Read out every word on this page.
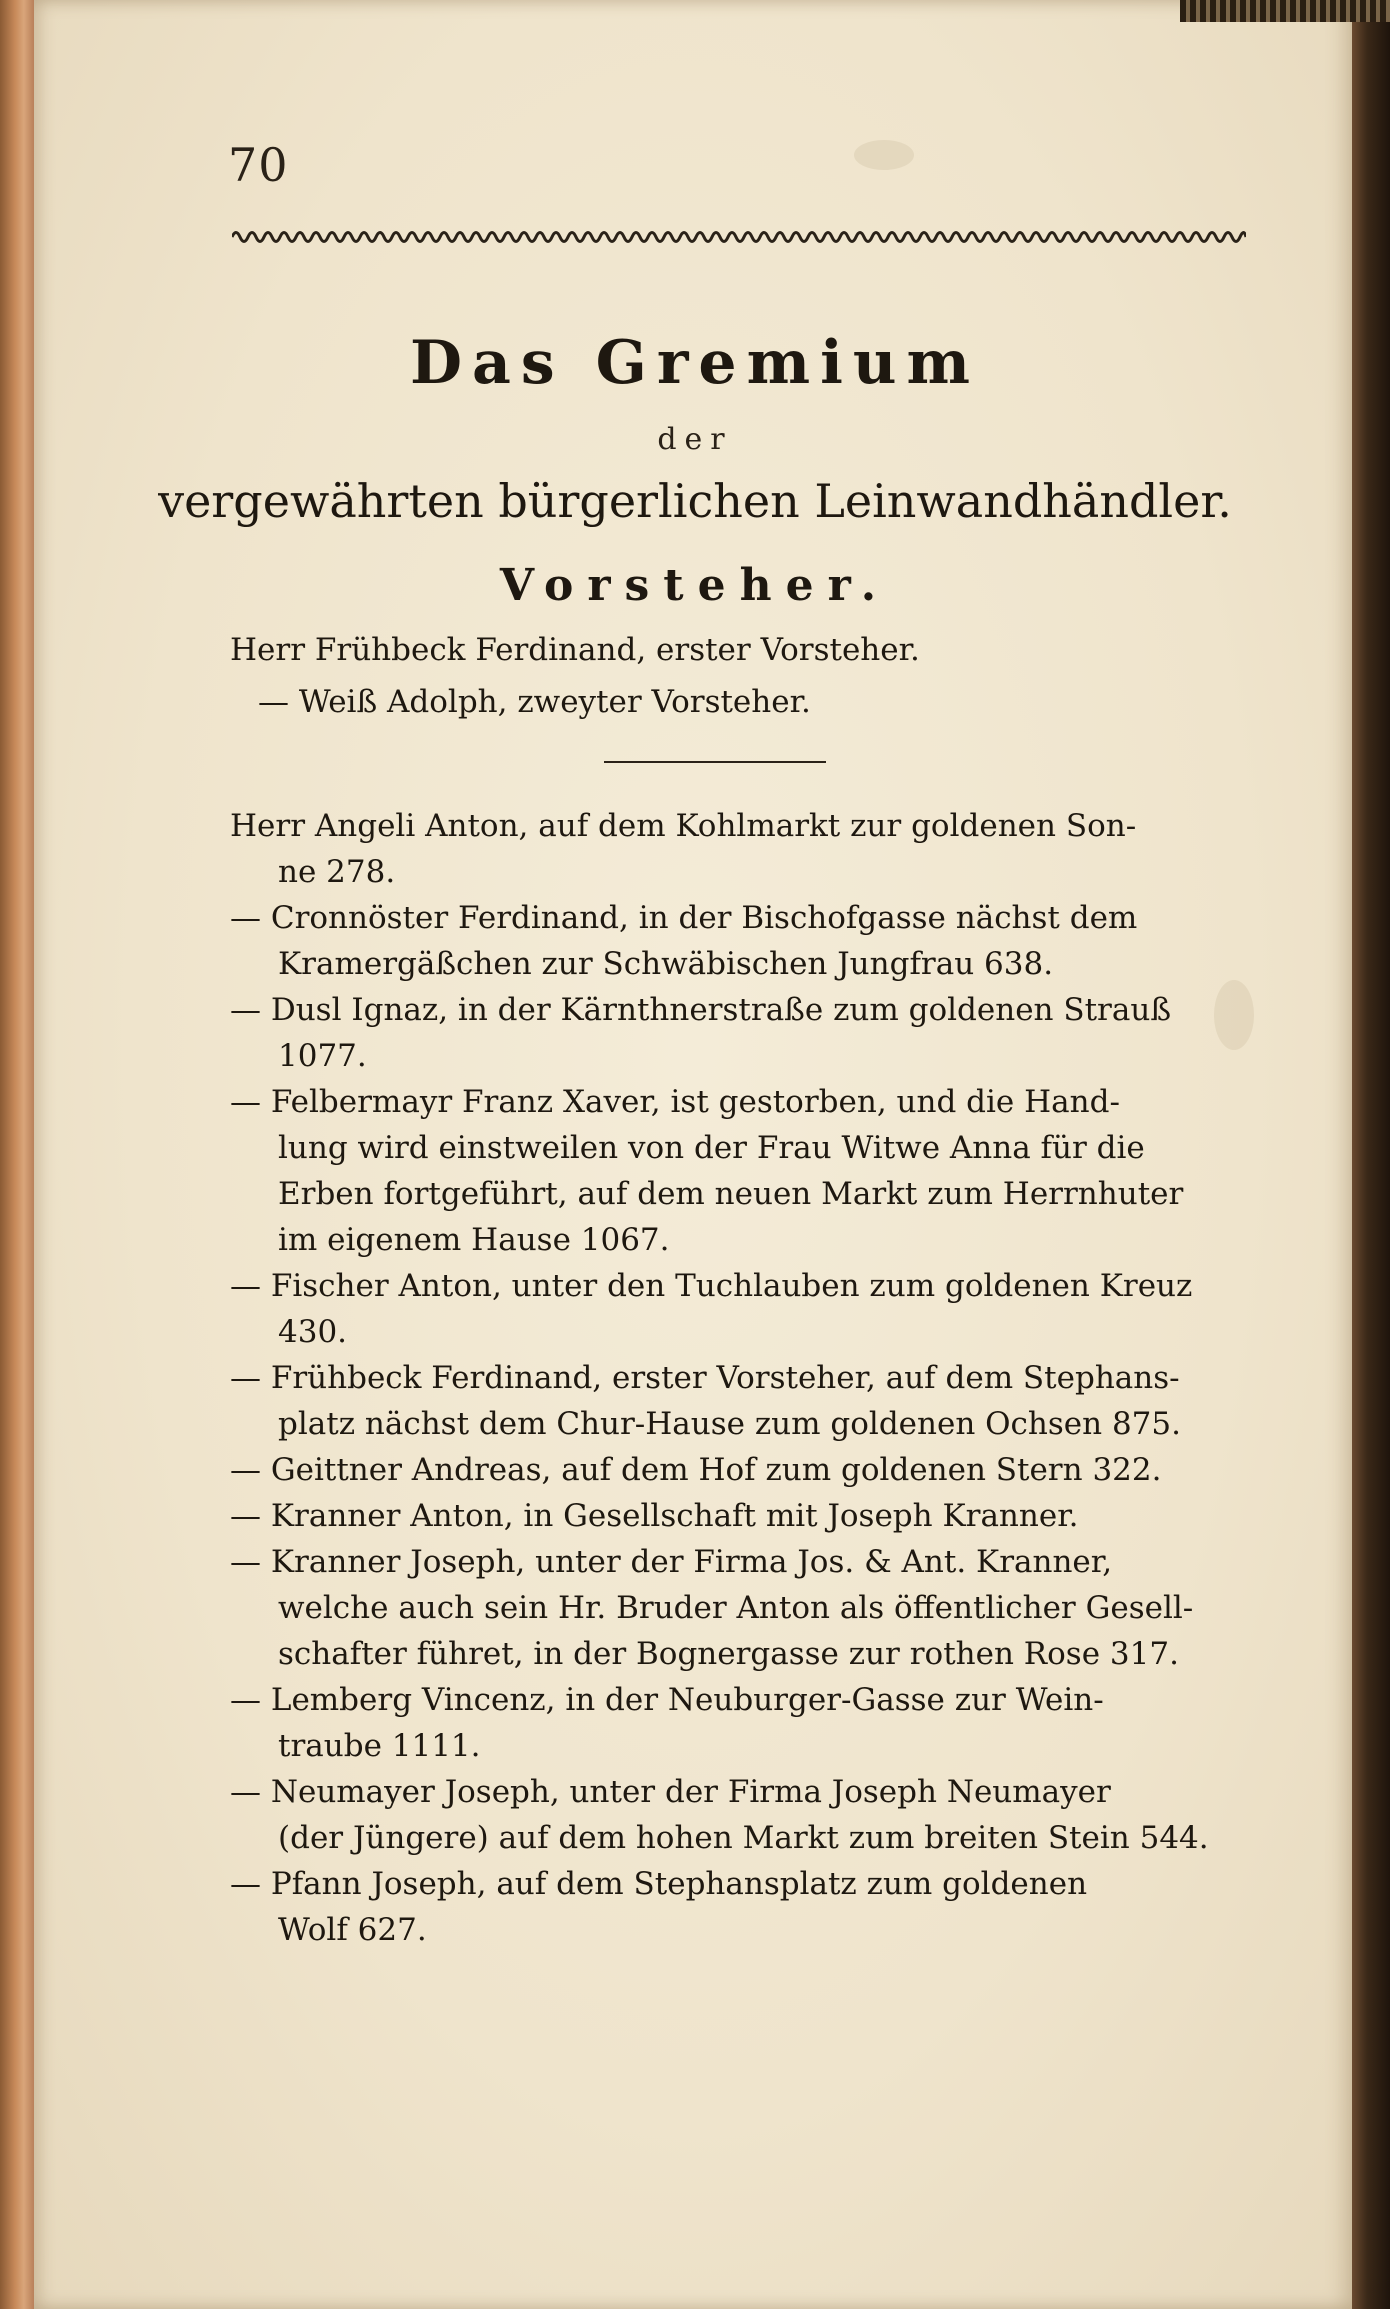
70
Das Gremium
der
vergewährten bürgerlichen Leinwandhändler.
Vorsteher.
Herr Frühbeck Ferdinand, erster Vorsteher.
— Weiß Adolph, zweyter Vorsteher.
Herr Angeli Anton, auf dem Kohlmarkt zur goldenen Son-
ne 278.
— Cronnöster Ferdinand, in der Bischofgasse nächst dem
Kramergäßchen zur Schwäbischen Jungfrau 638.
— Dusl Ignaz, in der Kärnthnerstraße zum goldenen Strauß
1077.
— Felbermayr Franz Xaver, ist gestorben, und die Hand-
lung wird einstweilen von der Frau Witwe Anna für die
Erben fortgeführt, auf dem neuen Markt zum Herrnhuter
im eigenem Hause 1067.
— Fischer Anton, unter den Tuchlauben zum goldenen Kreuz
430.
— Frühbeck Ferdinand, erster Vorsteher, auf dem Stephans-
platz nächst dem Chur-Hause zum goldenen Ochsen 875.
— Geittner Andreas, auf dem Hof zum goldenen Stern 322.
— Kranner Anton, in Gesellschaft mit Joseph Kranner.
— Kranner Joseph, unter der Firma Jos. & Ant. Kranner,
welche auch sein Hr. Bruder Anton als öffentlicher Gesell-
schafter führet, in der Bognergasse zur rothen Rose 317.
— Lemberg Vincenz, in der Neuburger-Gasse zur Wein-
traube 1111.
— Neumayer Joseph, unter der Firma Joseph Neumayer
(der Jüngere) auf dem hohen Markt zum breiten Stein 544.
— Pfann Joseph, auf dem Stephansplatz zum goldenen
Wolf 627.
